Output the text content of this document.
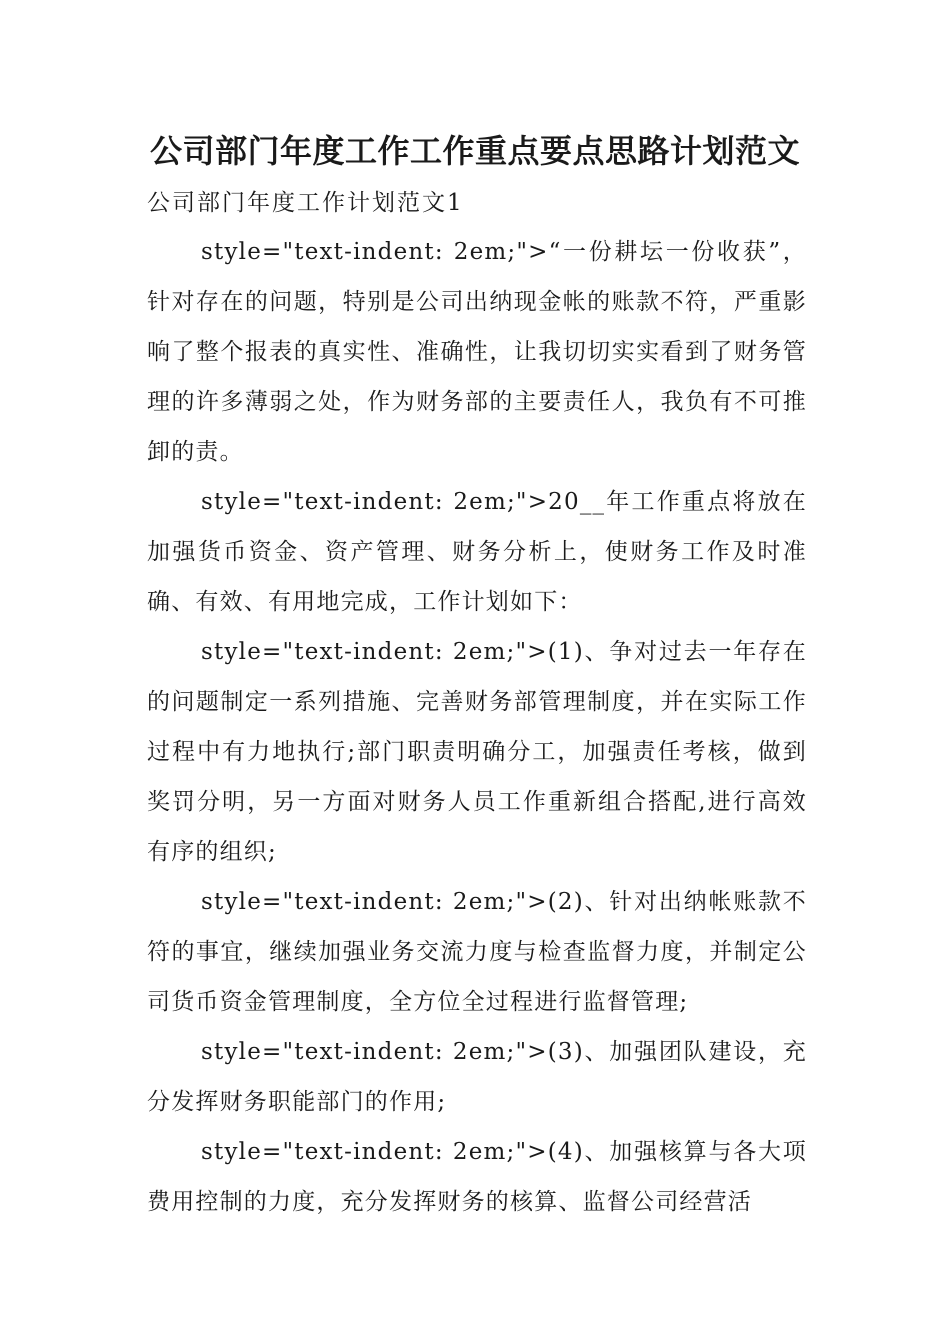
公司部门年度工作工作重点要点思路计划范文
公司部门年度工作计划范文1

style="text-indent: 2em;">“一份耕坛一份收获”，针对存在的问题，特别是公司出纳现金帐的账款不符，严重影响了整个报表的真实性、准确性，让我切切实实看到了财务管理的许多薄弱之处，作为财务部的主要责任人，我负有不可推卸的责。

style="text-indent: 2em;">20__年工作重点将放在加强货币资金、资产管理、财务分析上，使财务工作及时准确、有效、有用地完成，工作计划如下：

style="text-indent: 2em;">(1)、争对过去一年存在的问题制定一系列措施、完善财务部管理制度，并在实际工作过程中有力地执行;部门职责明确分工，加强责任考核，做到奖罚分明，另一方面对财务人员工作重新组合搭配,进行高效有序的组织;

style="text-indent: 2em;">(2)、针对出纳帐账款不符的事宜，继续加强业务交流力度与检查监督力度，并制定公司货币资金管理制度，全方位全过程进行监督管理;

style="text-indent: 2em;">(3)、加强团队建设，充分发挥财务职能部门的作用;

style="text-indent: 2em;">(4)、加强核算与各大项费用控制的力度，充分发挥财务的核算、监督公司经营活
